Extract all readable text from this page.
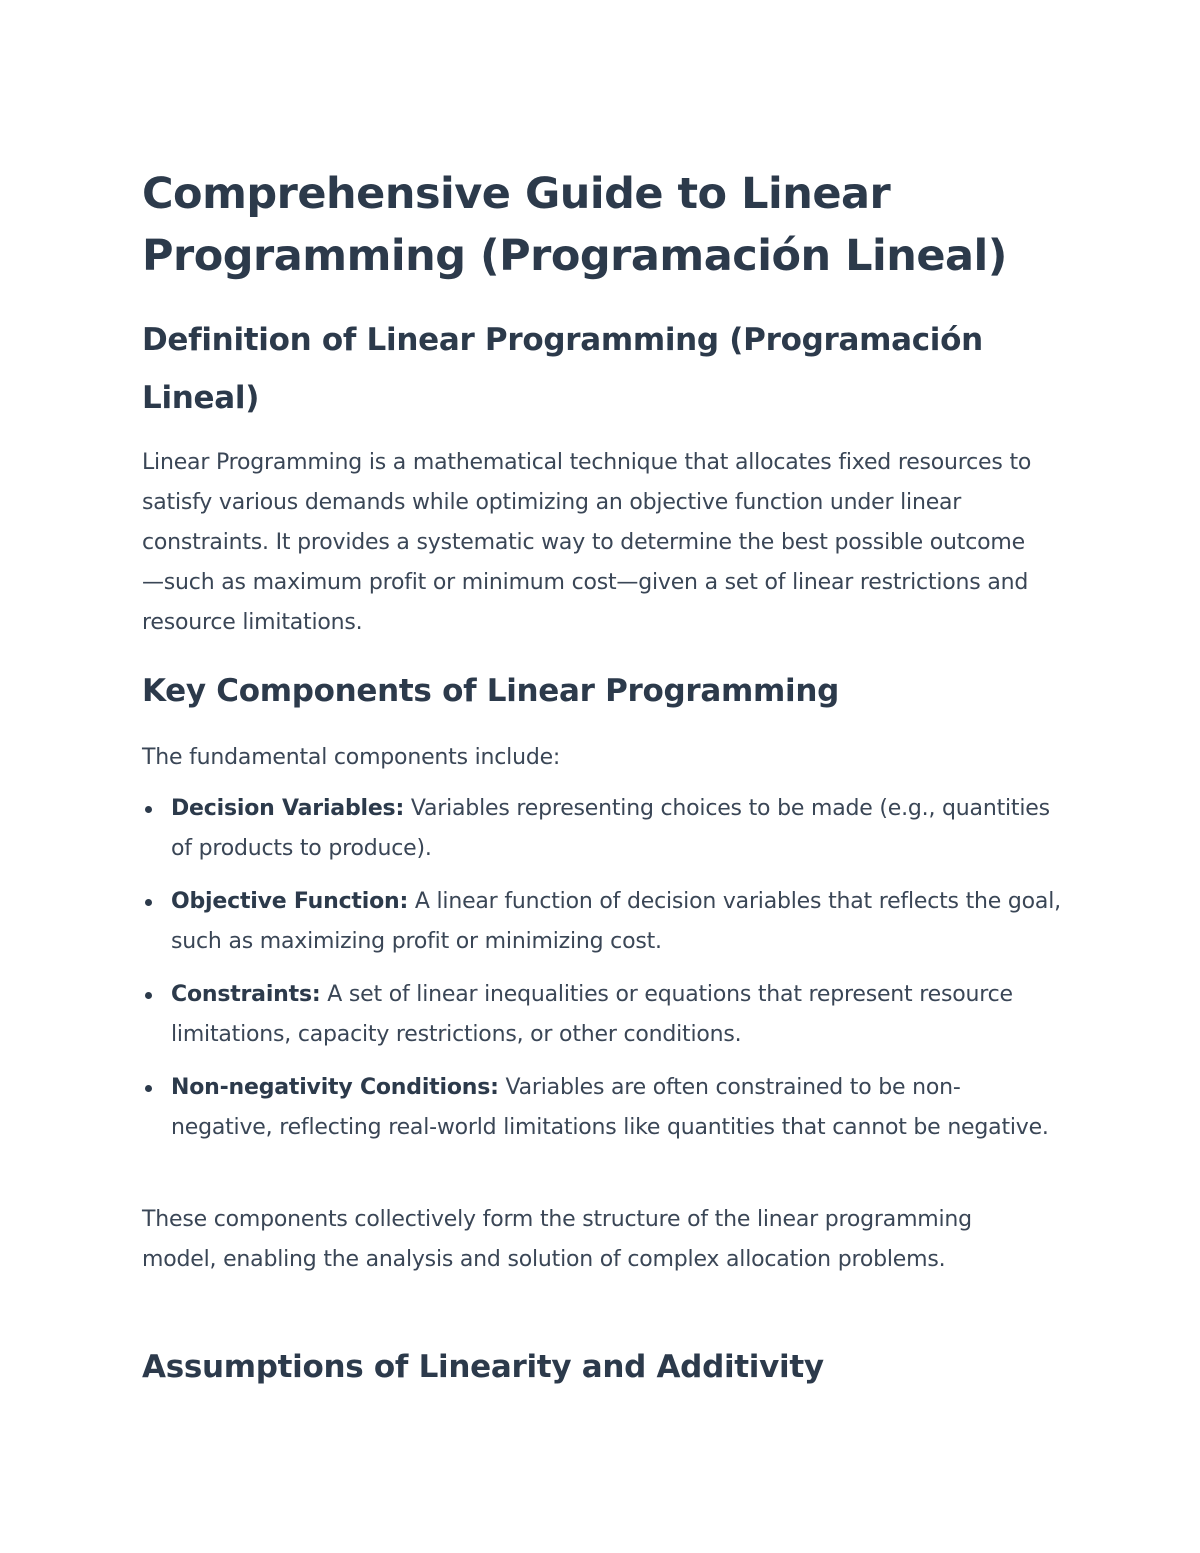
Comprehensive Guide to Linear Programming (Programación Lineal)
Definition of Linear Programming (Programación Lineal)

Linear Programming is a mathematical technique that allocates fixed resources to satisfy various demands while optimizing an objective function under linear constraints. It provides a systematic way to determine the best possible outcome—such as maximum profit or minimum cost—given a set of linear restrictions and resource limitations.

Key Components of Linear Programming

The fundamental components include:

Decision Variables: Variables representing choices to be made (e.g., quantities of products to produce).
Objective Function: A linear function of decision variables that reflects the goal, such as maximizing profit or minimizing cost.
Constraints: A set of linear inequalities or equations that represent resource limitations, capacity restrictions, or other conditions.
Non-negativity Conditions: Variables are often constrained to be non-negative, reflecting real-world limitations like quantities that cannot be negative.

These components collectively form the structure of the linear programming model, enabling the analysis and solution of complex allocation problems.

Assumptions of Linearity and Additivity
